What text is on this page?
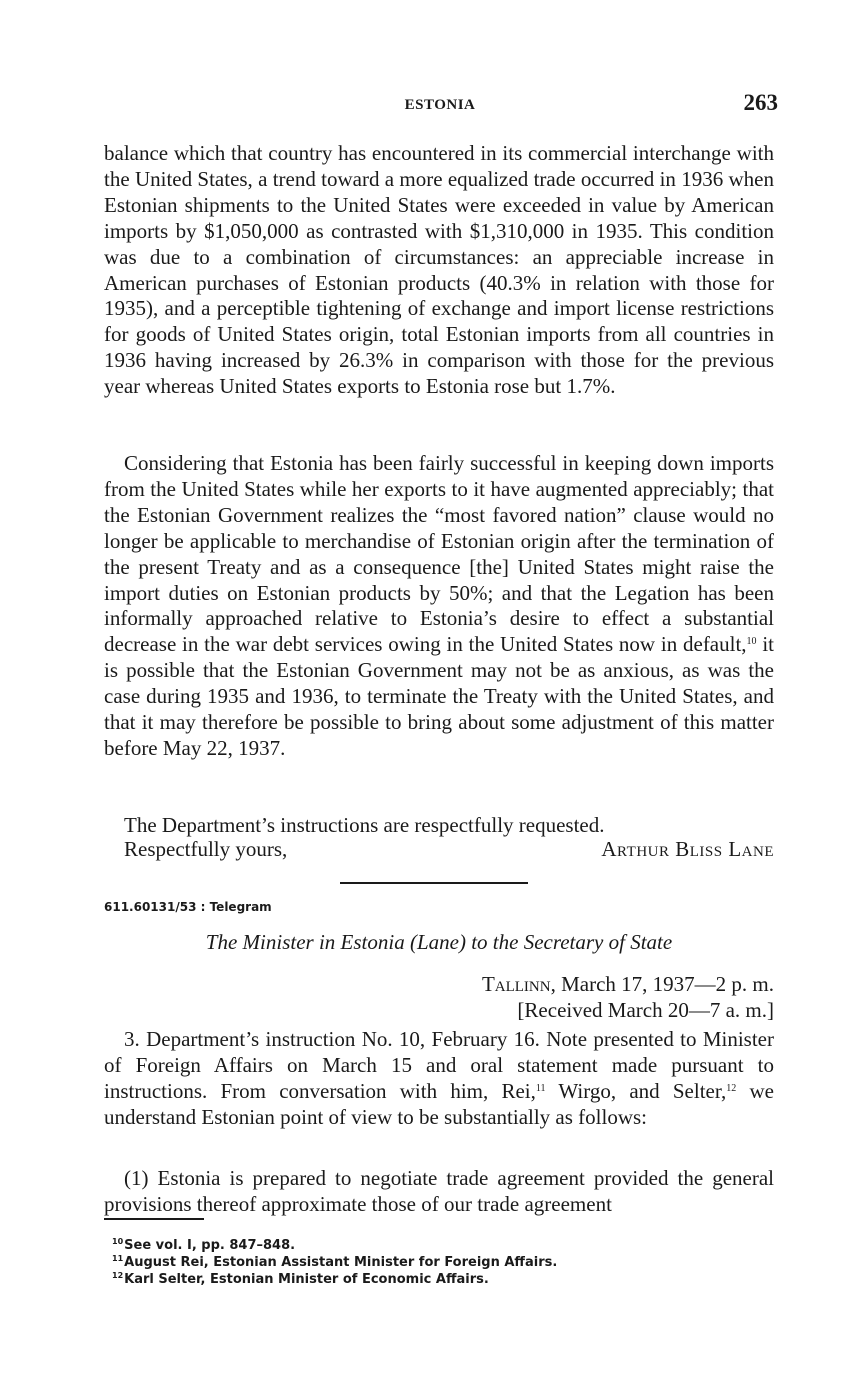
ESTONIA	263

balance which that country has encountered in its commercial interchange with the United States, a trend toward a more equalized trade occurred in 1936 when Estonian shipments to the United States were exceeded in value by American imports by $1,050,000 as contrasted with $1,310,000 in 1935. This condition was due to a combination of circumstances: an appreciable increase in American purchases of Estonian products (40.3% in relation with those for 1935), and a perceptible tightening of exchange and import license restrictions for goods of United States origin, total Estonian imports from all countries in 1936 having increased by 26.3% in comparison with those for the previous year whereas United States exports to Estonia rose but 1.7%.

Considering that Estonia has been fairly successful in keeping down imports from the United States while her exports to it have augmented appreciably; that the Estonian Government realizes the “most favored nation” clause would no longer be applicable to merchandise of Estonian origin after the termination of the present Treaty and as a consequence [the] United States might raise the import duties on Estonian products by 50%; and that the Legation has been informally approached relative to Estonia’s desire to effect a substantial decrease in the war debt services owing in the United States now in default,$^{10}$ it is possible that the Estonian Government may not be as anxious, as was the case during 1935 and 1936, to terminate the Treaty with the United States, and that it may therefore be possible to bring about some adjustment of this matter before May 22, 1937.

The Department’s instructions are respectfully requested.

Respectfully yours,	Arthur Bliss Lane
611.60131/53 : Telegram
The Minister in Estonia (Lane) to the Secretary of State
Tallinn, March 17, 1937—2 p. m.
[Received March 20—7 a. m.]

3. Department’s instruction No. 10, February 16. Note presented to Minister of Foreign Affairs on March 15 and oral statement made pursuant to instructions. From conversation with him, Rei,$^{11}$ Wirgo, and Selter,$^{12}$ we understand Estonian point of view to be substantially as follows:

(1) Estonia is prepared to negotiate trade agreement provided the general provisions thereof approximate those of our trade agreement

$^{10}$See vol. I, pp. 847–848.
$^{11}$August Rei, Estonian Assistant Minister for Foreign Affairs.
$^{12}$Karl Selter, Estonian Minister of Economic Affairs.
